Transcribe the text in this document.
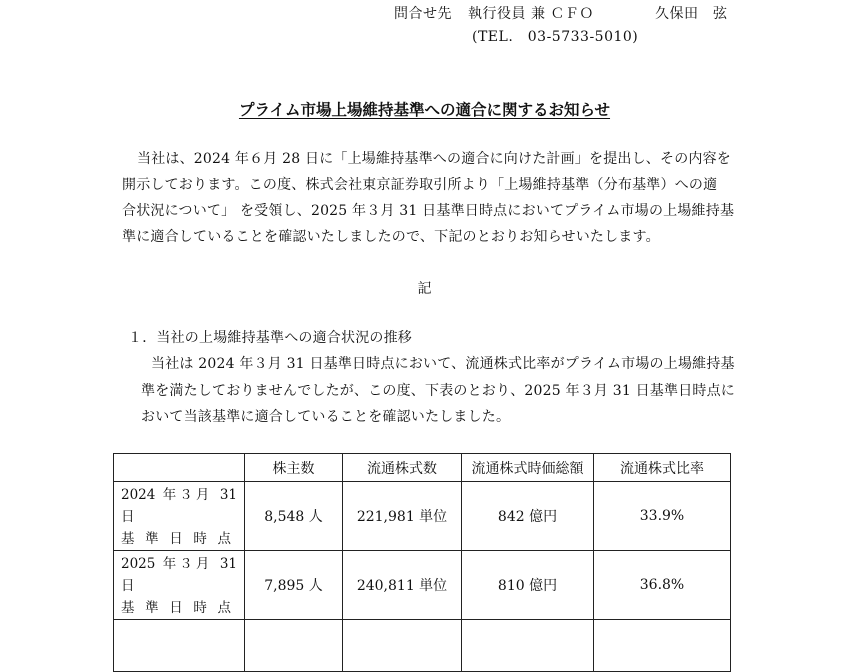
問合せ先 執行役員 兼 ＣＦＯ	久保田　弦
(TEL.　03-5733-5010)
プライム市場上場維持基準への適合に関するお知らせ
当社は、2024 年６月 28 日に「上場維持基準への適合に向けた計画」を提出し、その内容を
開示しております。この度、株式会社東京証券取引所より「上場維持基準（分布基準）への適
合状況について」 を受領し、2025 年３月 31 日基準日時点においてプライム市場の上場維持基
準に適合していることを確認いたしましたので、下記のとおりお知らせいたします。
記
１．当社の上場維持基準への適合状況の推移
当社は 2024 年３月 31 日基準日時点において、流通株式比率がプライム市場の上場維持基
準を満たしておりませんでしたが、この度、下表のとおり、2025 年３月 31 日基準日時点に
おいて当該基準に適合していることを確認いたしました。
	株主数	流通株式数	流通株式時価総額	流通株式比率

2024 年３月 31 日
基準日時点	8,548 人	221,981 単位	842 億円	33.9%

2025 年３月 31 日
基準日時点	7,895 人	240,811 単位	810 億円	36.8%
